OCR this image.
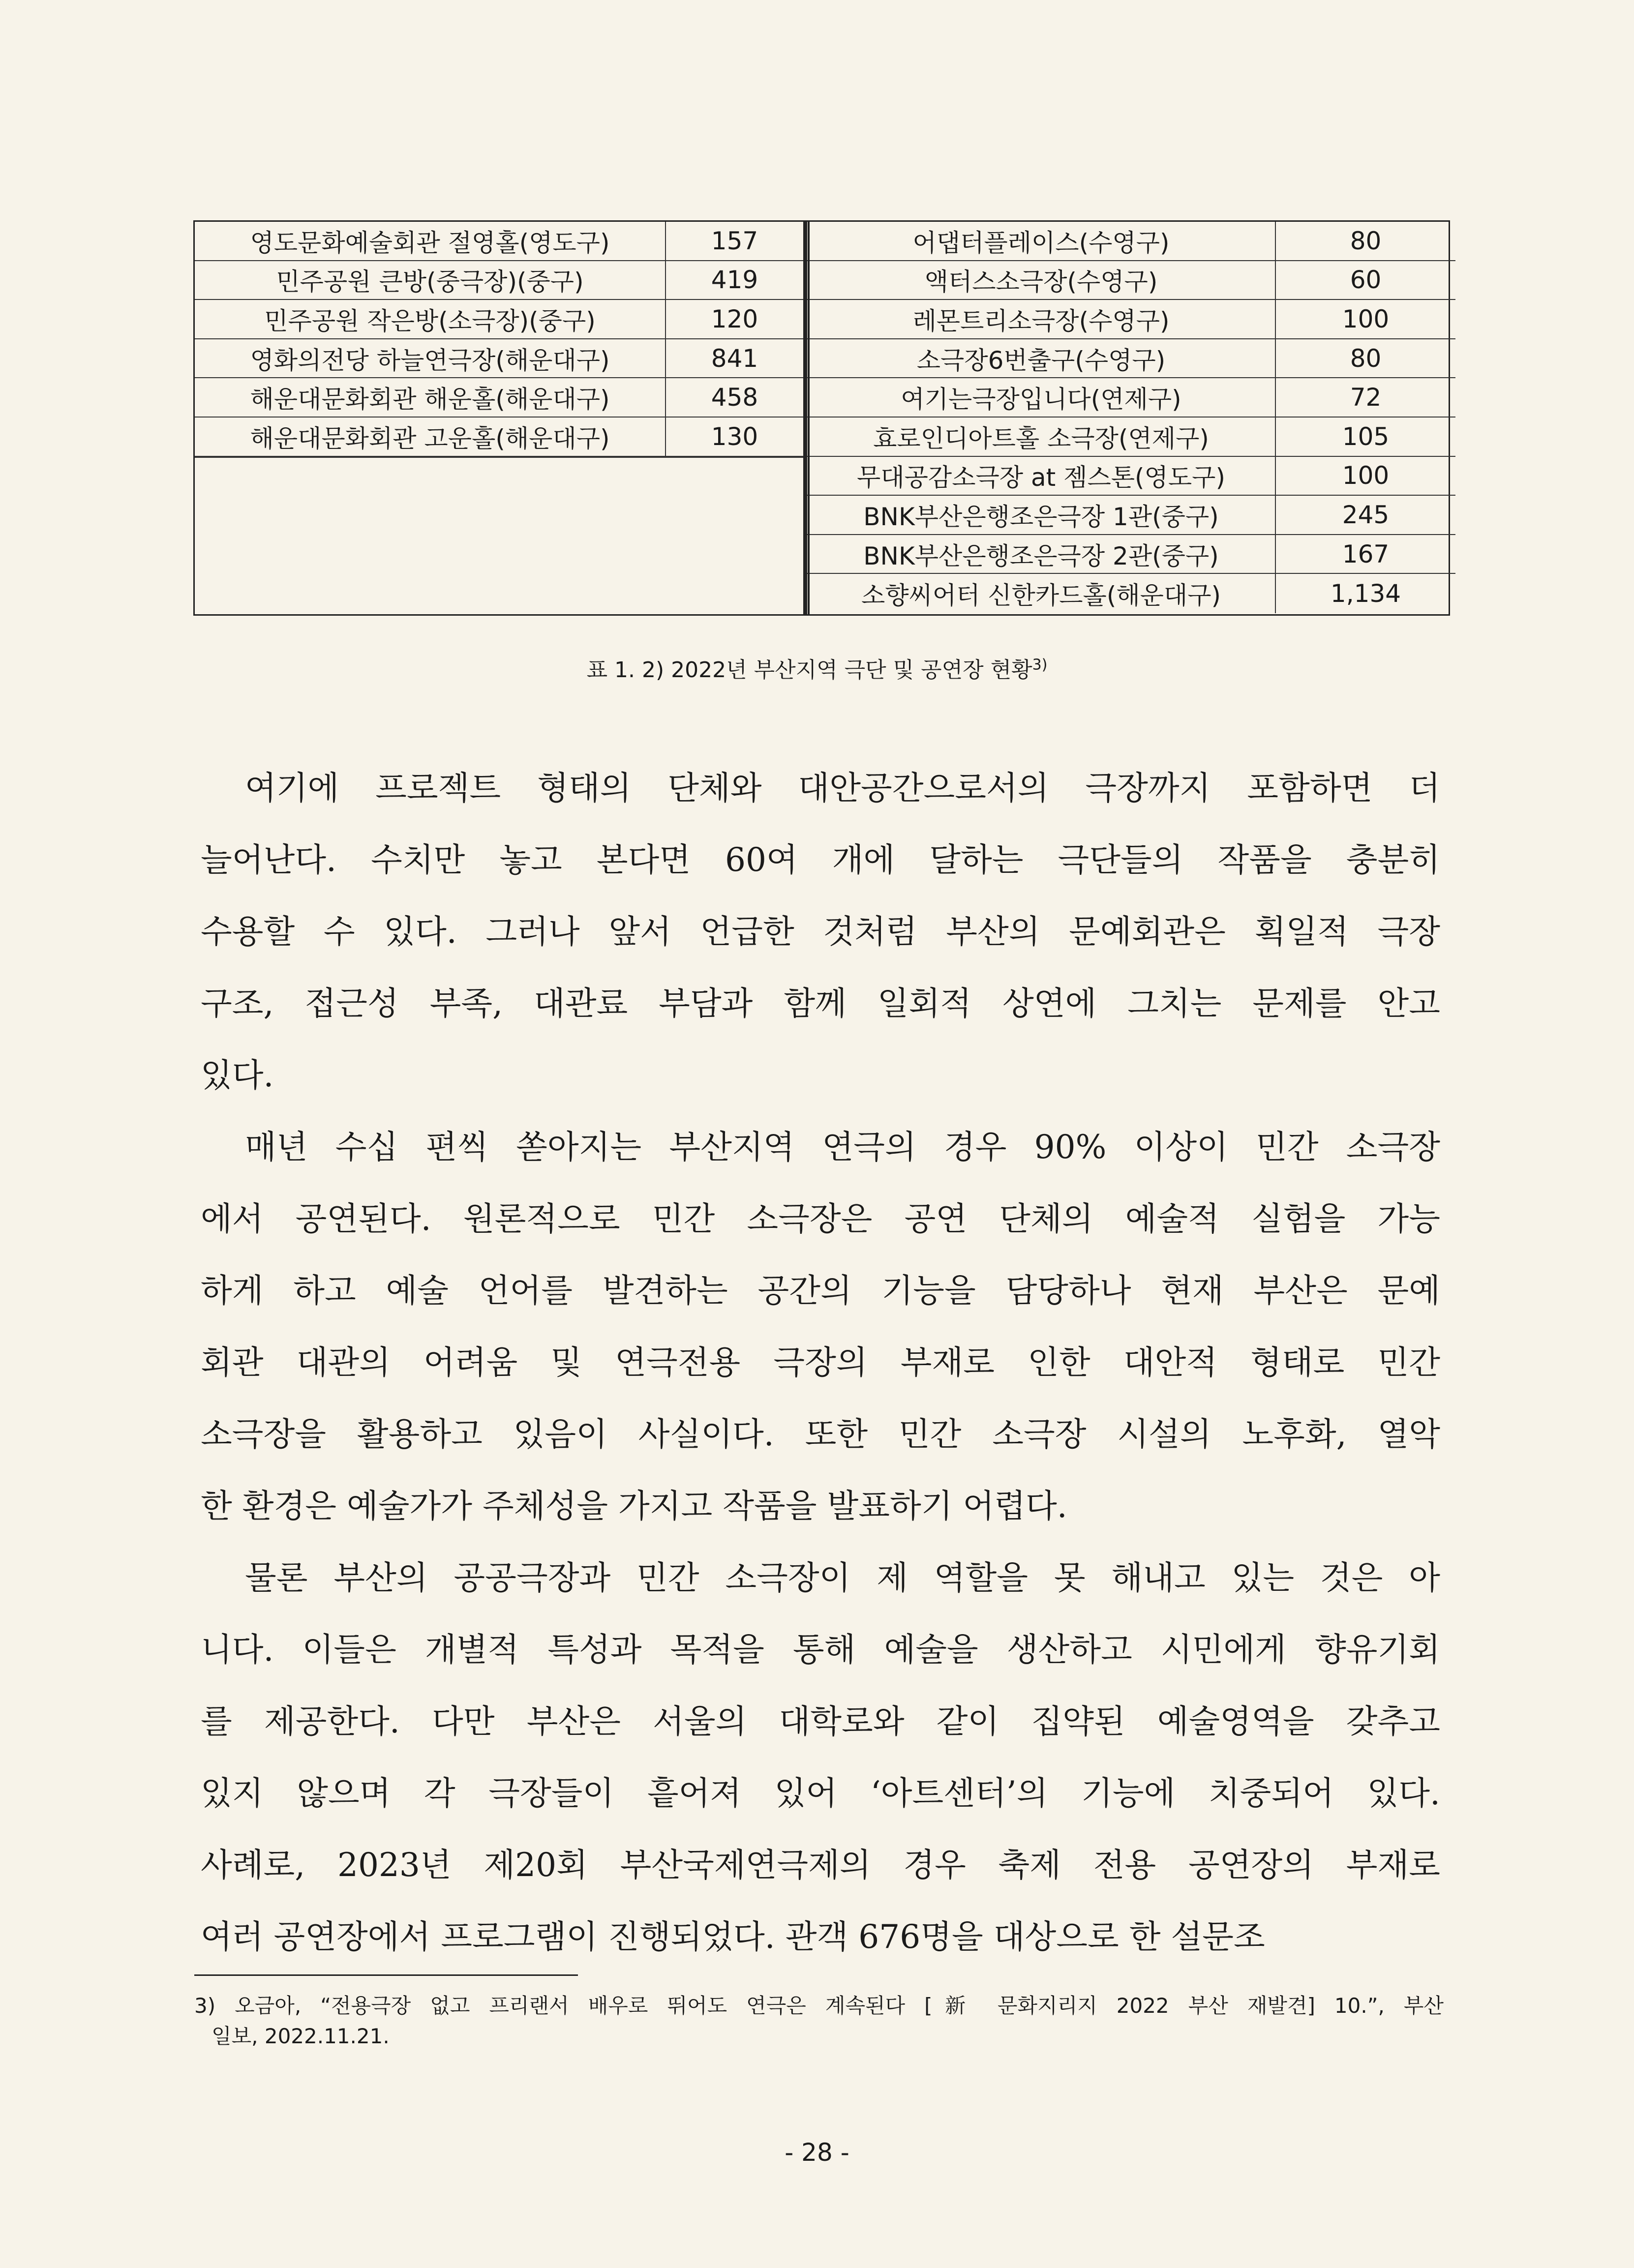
영도문화예술회관 절영홀(영도구)	157
민주공원 큰방(중극장)(중구)	419
민주공원 작은방(소극장)(중구)	120
영화의전당 하늘연극장(해운대구)	841
해운대문화회관 해운홀(해운대구)	458
해운대문화회관 고운홀(해운대구)	130
어댑터플레이스(수영구)	80
액터스소극장(수영구)	60
레몬트리소극장(수영구)	100
소극장6번출구(수영구)	80
여기는극장입니다(연제구)	72
효로인디아트홀 소극장(연제구)	105
무대공감소극장 at 젬스톤(영도구)	100
BNK부산은행조은극장 1관(중구)	245
BNK부산은행조은극장 2관(중구)	167
소향씨어터 신한카드홀(해운대구)	1,134
표 1. 2) 2022년 부산지역 극단 및 공연장 현황$^{3)}$
여기에 프로젝트 형태의 단체와 대안공간으로서의 극장까지 포함하면 더
늘어난다. 수치만 놓고 본다면 60여 개에 달하는 극단들의 작품을 충분히
수용할 수 있다. 그러나 앞서 언급한 것처럼 부산의 문예회관은 획일적 극장
구조, 접근성 부족, 대관료 부담과 함께 일회적 상연에 그치는 문제를 안고
있다.
매년 수십 편씩 쏟아지는 부산지역 연극의 경우 90% 이상이 민간 소극장
에서 공연된다. 원론적으로 민간 소극장은 공연 단체의 예술적 실험을 가능
하게 하고 예술 언어를 발견하는 공간의 기능을 담당하나 현재 부산은 문예
회관 대관의 어려움 및 연극전용 극장의 부재로 인한 대안적 형태로 민간
소극장을 활용하고 있음이 사실이다. 또한 민간 소극장 시설의 노후화, 열악
한 환경은 예술가가 주체성을 가지고 작품을 발표하기 어렵다.
물론 부산의 공공극장과 민간 소극장이 제 역할을 못 해내고 있는 것은 아
니다. 이들은 개별적 특성과 목적을 통해 예술을 생산하고 시민에게 향유기회
를 제공한다. 다만 부산은 서울의 대학로와 같이 집약된 예술영역을 갖추고
있지 않으며 각 극장들이 흩어져 있어 ‘아트센터’의 기능에 치중되어 있다.
사례로, 2023년 제20회 부산국제연극제의 경우 축제 전용 공연장의 부재로
여러 공연장에서 프로그램이 진행되었다. 관객 676명을 대상으로 한 설문조
3) 오금아, “전용극장 없고 프리랜서 배우로 뛰어도 연극은 계속된다 [新 문화지리지 2022 부산 재발견] 10.”, 부산
일보, 2022.11.21.
- 28 -
